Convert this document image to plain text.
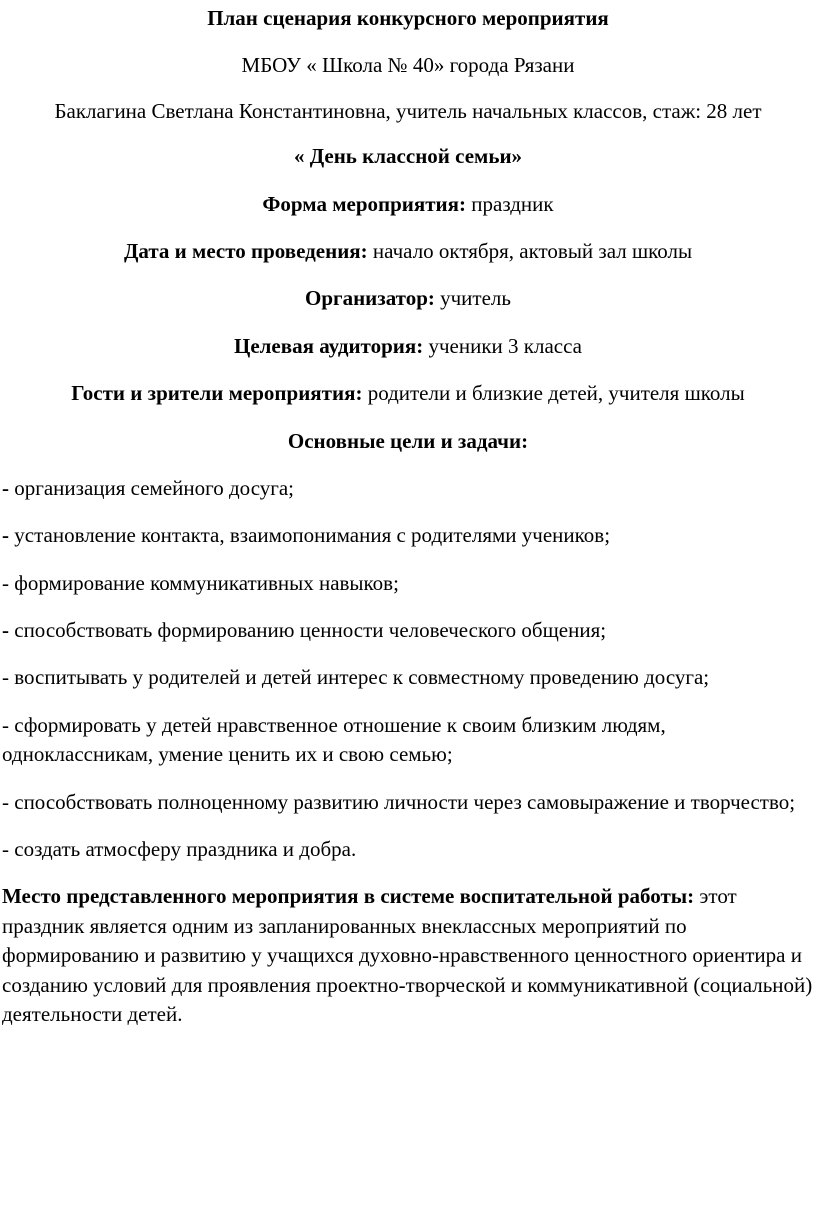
План сценария конкурсного мероприятия

МБОУ « Школа № 40» города Рязани

Баклагина Светлана Константиновна, учитель начальных классов, стаж: 28 лет

« День классной семьи»

Форма мероприятия: праздник

Дата и место проведения: начало октября, актовый зал школы

Организатор: учитель

Целевая аудитория: ученики 3 класса

Гости и зрители мероприятия: родители и близкие детей, учителя школы

Основные цели и задачи:

- организация семейного досуга;

- установление контакта, взаимопонимания с родителями учеников;

- формирование коммуникативных навыков;

- способствовать формированию ценности человеческого общения;

- воспитывать у родителей и детей интерес к совместному проведению досуга;

- сформировать у детей нравственное отношение к своим близким людям, одноклассникам, умение ценить их и свою семью;

- способствовать полноценному развитию личности через самовыражение и творчество;

- создать атмосферу праздника и добра.

Место представленного мероприятия в системе воспитательной работы: этот праздник является одним из запланированных внеклассных мероприятий по формированию и развитию у учащихся духовно-нравственного ценностного ориентира и созданию условий для проявления проектно-творческой и коммуникативной (социальной) деятельности детей.
